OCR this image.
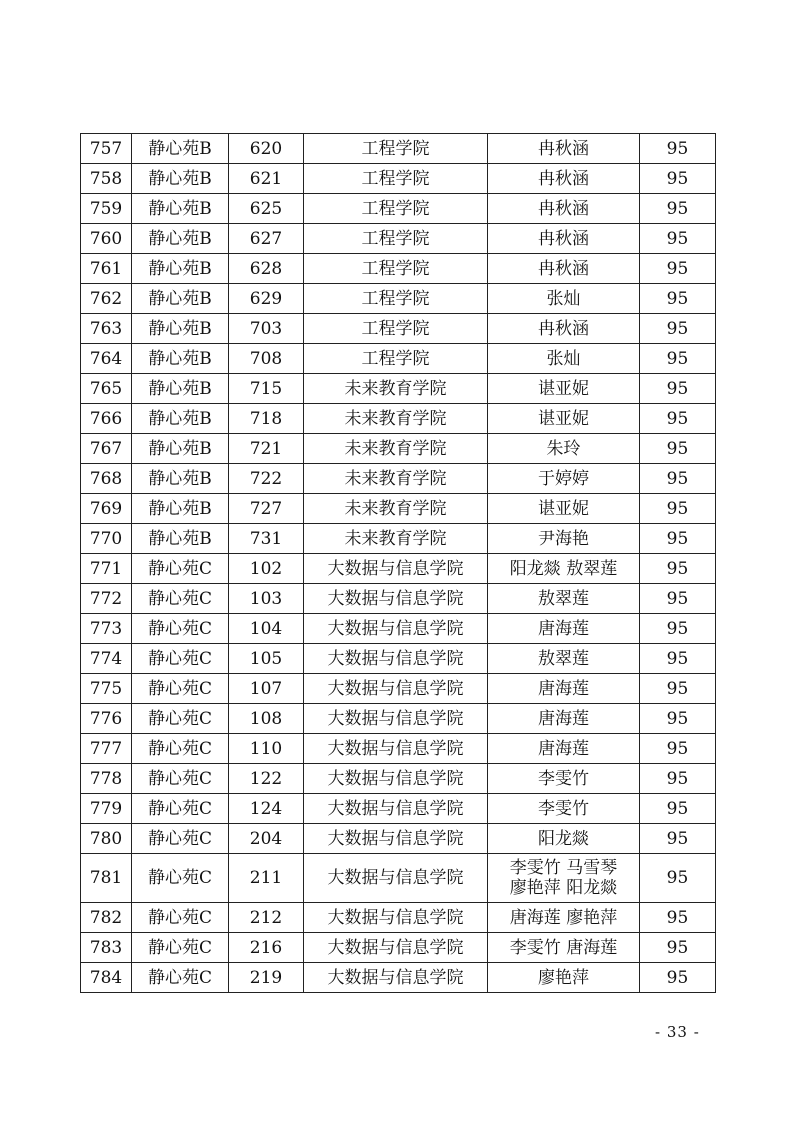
757	静心苑B	620	工程学院	冉秋涵	95
758	静心苑B	621	工程学院	冉秋涵	95
759	静心苑B	625	工程学院	冉秋涵	95
760	静心苑B	627	工程学院	冉秋涵	95
761	静心苑B	628	工程学院	冉秋涵	95
762	静心苑B	629	工程学院	张灿	95
763	静心苑B	703	工程学院	冉秋涵	95
764	静心苑B	708	工程学院	张灿	95
765	静心苑B	715	未来教育学院	谌亚妮	95
766	静心苑B	718	未来教育学院	谌亚妮	95
767	静心苑B	721	未来教育学院	朱玲	95
768	静心苑B	722	未来教育学院	于婷婷	95
769	静心苑B	727	未来教育学院	谌亚妮	95
770	静心苑B	731	未来教育学院	尹海艳	95
771	静心苑C	102	大数据与信息学院	阳龙燚 敖翠莲	95
772	静心苑C	103	大数据与信息学院	敖翠莲	95
773	静心苑C	104	大数据与信息学院	唐海莲	95
774	静心苑C	105	大数据与信息学院	敖翠莲	95
775	静心苑C	107	大数据与信息学院	唐海莲	95
776	静心苑C	108	大数据与信息学院	唐海莲	95
777	静心苑C	110	大数据与信息学院	唐海莲	95
778	静心苑C	122	大数据与信息学院	李雯竹	95
779	静心苑C	124	大数据与信息学院	李雯竹	95
780	静心苑C	204	大数据与信息学院	阳龙燚	95
781	静心苑C	211	大数据与信息学院	李雯竹 马雪琴
廖艳萍 阳龙燚	95
782	静心苑C	212	大数据与信息学院	唐海莲 廖艳萍	95
783	静心苑C	216	大数据与信息学院	李雯竹 唐海莲	95
784	静心苑C	219	大数据与信息学院	廖艳萍	95
- 33 -
